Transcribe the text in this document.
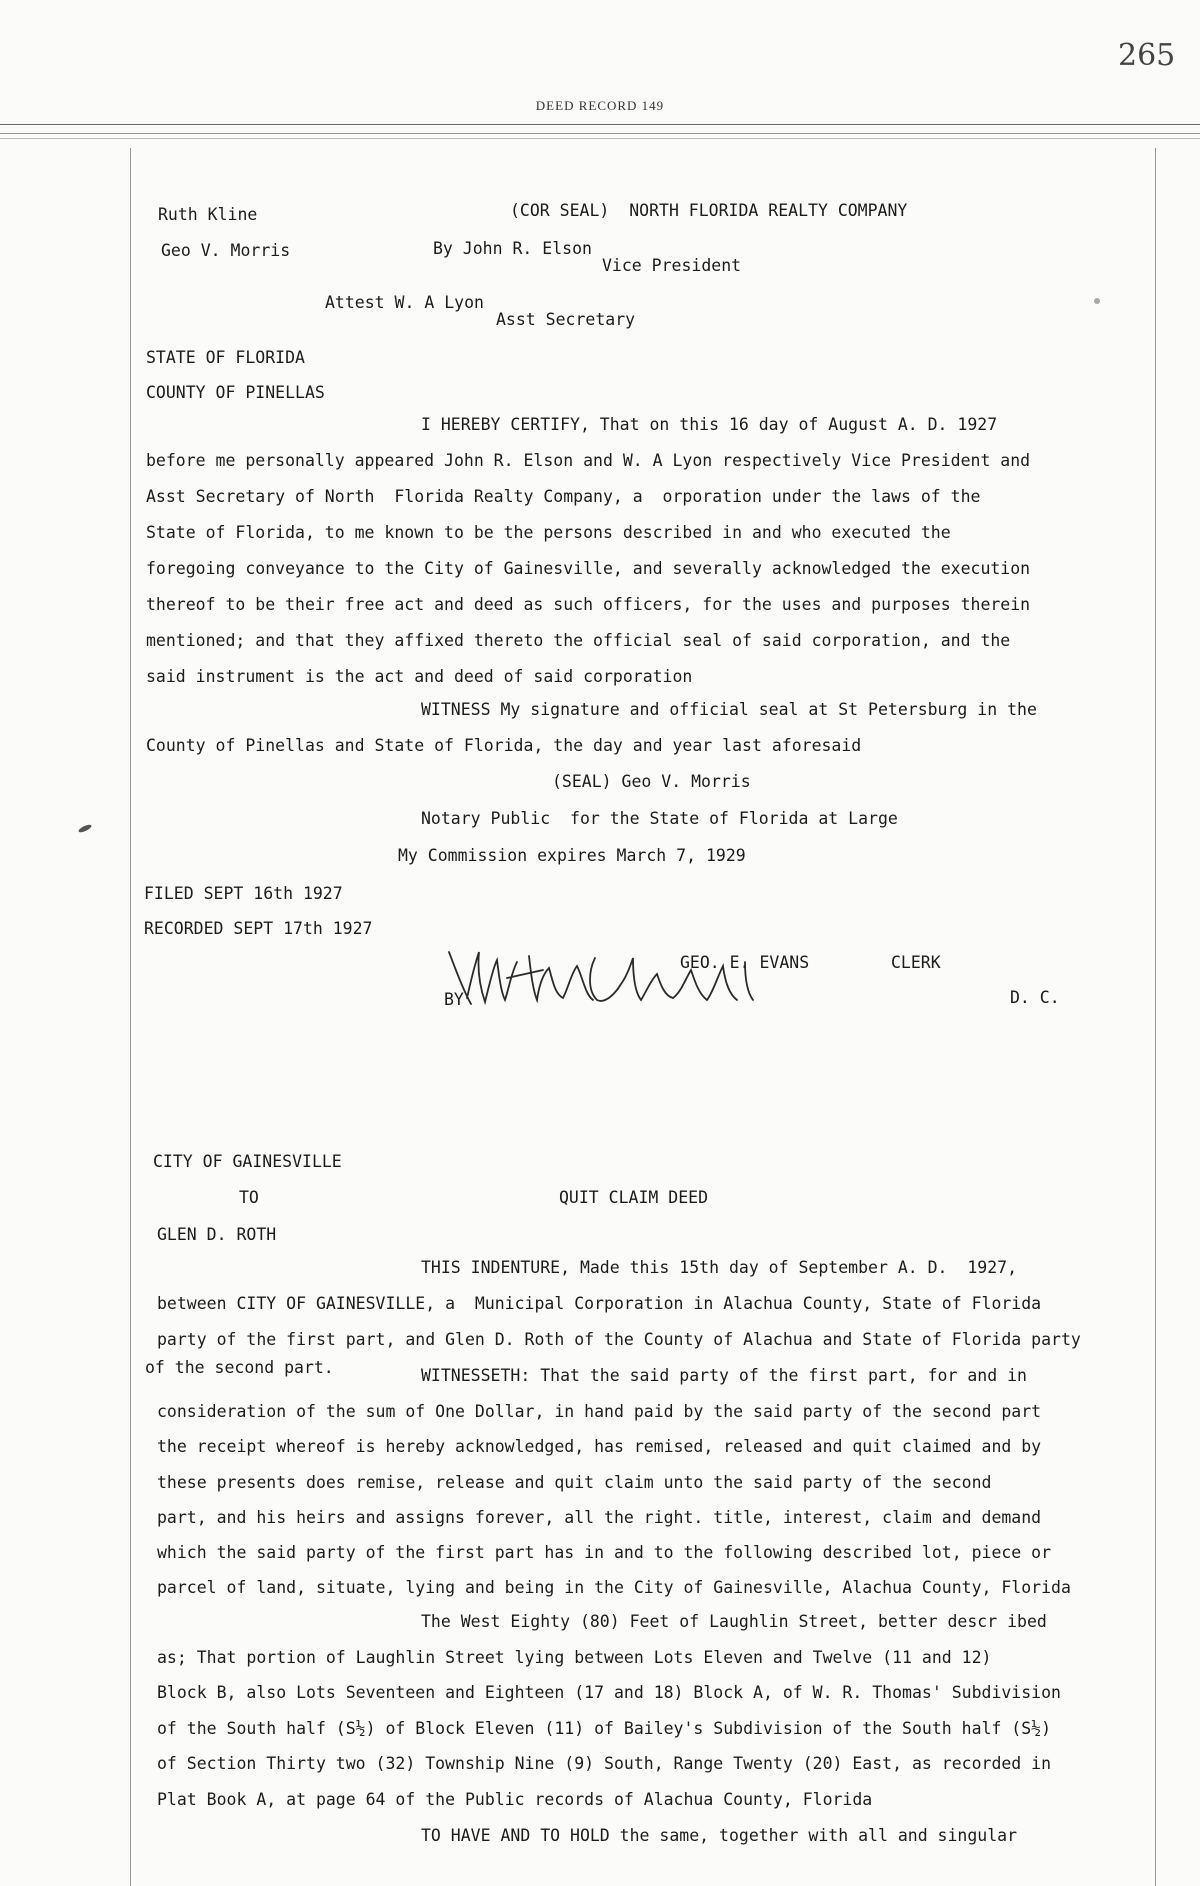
265
DEED RECORD 149
Ruth Kline	(COR SEAL)  NORTH FLORIDA REALTY COMPANY
Geo V. Morris	By John R. Elson
Vice President
Attest W. A Lyon
Asst Secretary
STATE OF FLORIDA
COUNTY OF PINELLAS
I HEREBY CERTIFY, That on this 16 day of August A. D. 1927
before me personally appeared John R. Elson and W. A Lyon respectively Vice President and
Asst Secretary of North  Florida Realty Company, a  orporation under the laws of the
State of Florida, to me known to be the persons described in and who executed the
foregoing conveyance to the City of Gainesville, and severally acknowledged the execution
thereof to be their free act and deed as such officers, for the uses and purposes therein
mentioned; and that they affixed thereto the official seal of said corporation, and the
said instrument is the act and deed of said corporation
WITNESS My signature and official seal at St Petersburg in the
County of Pinellas and State of Florida, the day and year last aforesaid
(SEAL) Geo V. Morris
Notary Public  for the State of Florida at Large
My Commission expires March 7, 1929
FILED SEPT 16th 1927
RECORDED SEPT 17th 1927
GEO. E. EVANS	CLERK
BY	D. C.
CITY OF GAINESVILLE
TO	QUIT CLAIM DEED
GLEN D. ROTH
THIS INDENTURE, Made this 15th day of September A. D.  1927,
between CITY OF GAINESVILLE, a  Municipal Corporation in Alachua County, State of Florida
party of the first part, and Glen D. Roth of the County of Alachua and State of Florida party
of the second part.	WITNESSETH: That the said party of the first part, for and in
consideration of the sum of One Dollar, in hand paid by the said party of the second part
the receipt whereof is hereby acknowledged, has remised, released and quit claimed and by
these presents does remise, release and quit claim unto the said party of the second
part, and his heirs and assigns forever, all the right. title, interest, claim and demand
which the said party of the first part has in and to the following described lot, piece or
parcel of land, situate, lying and being in the City of Gainesville, Alachua County, Florida
The West Eighty (80) Feet of Laughlin Street, better descr ibed
as; That portion of Laughlin Street lying between Lots Eleven and Twelve (11 and 12)
Block B, also Lots Seventeen and Eighteen (17 and 18) Block A, of W. R. Thomas' Subdivision
of the South half (S½) of Block Eleven (11) of Bailey's Subdivision of the South half (S½)
of Section Thirty two (32) Township Nine (9) South, Range Twenty (20) East, as recorded in
Plat Book A, at page 64 of the Public records of Alachua County, Florida
TO HAVE AND TO HOLD the same, together with all and singular
